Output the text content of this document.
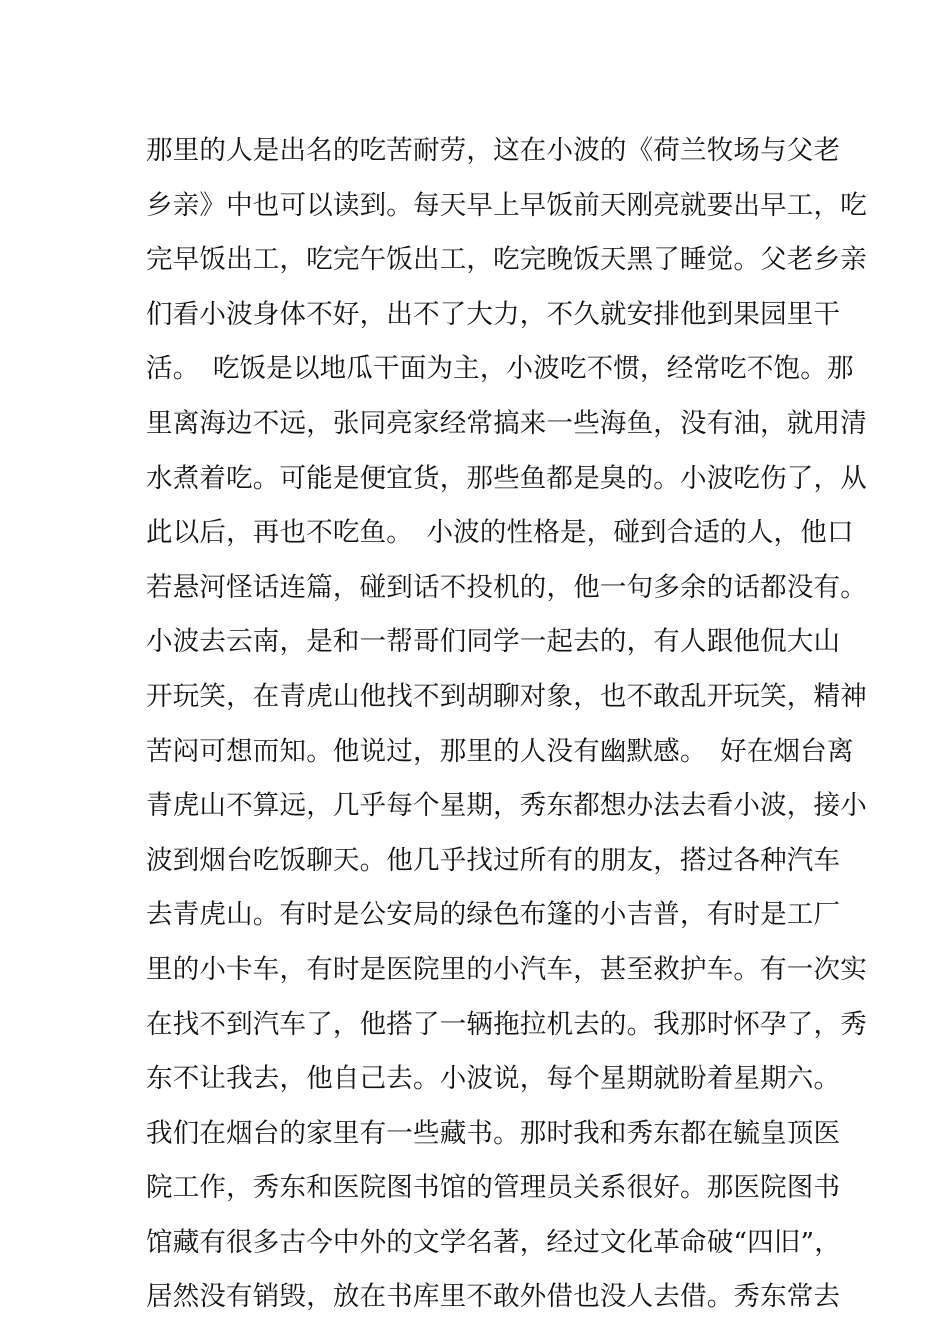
那里的人是出名的吃苦耐劳，这在小波的《荷兰牧场与父老
乡亲》中也可以读到。每天早上早饭前天刚亮就要出早工，吃
完早饭出工，吃完午饭出工，吃完晚饭天黑了睡觉。父老乡亲
们看小波身体不好，出不了大力，不久就安排他到果园里干
活。　吃饭是以地瓜干面为主，小波吃不惯，经常吃不饱。那
里离海边不远，张同亮家经常搞来一些海鱼，没有油，就用清
水煮着吃。可能是便宜货，那些鱼都是臭的。小波吃伤了，从
此以后，再也不吃鱼。　小波的性格是，碰到合适的人，他口
若悬河怪话连篇，碰到话不投机的，他一句多余的话都没有。
小波去云南，是和一帮哥们同学一起去的，有人跟他侃大山
开玩笑，在青虎山他找不到胡聊对象，也不敢乱开玩笑，精神
苦闷可想而知。他说过，那里的人没有幽默感。　好在烟台离
青虎山不算远，几乎每个星期，秀东都想办法去看小波，接小
波到烟台吃饭聊天。他几乎找过所有的朋友，搭过各种汽车
去青虎山。有时是公安局的绿色布篷的小吉普，有时是工厂
里的小卡车，有时是医院里的小汽车，甚至救护车。有一次实
在找不到汽车了，他搭了一辆拖拉机去的。我那时怀孕了，秀
东不让我去，他自己去。小波说，每个星期就盼着星期六。
我们在烟台的家里有一些藏书。那时我和秀东都在毓皇顶医
院工作，秀东和医院图书馆的管理员关系很好。那医院图书
馆藏有很多古今中外的文学名著，经过文化革命破“四旧”，
居然没有销毁，放在书库里不敢外借也没人去借。秀东常去
